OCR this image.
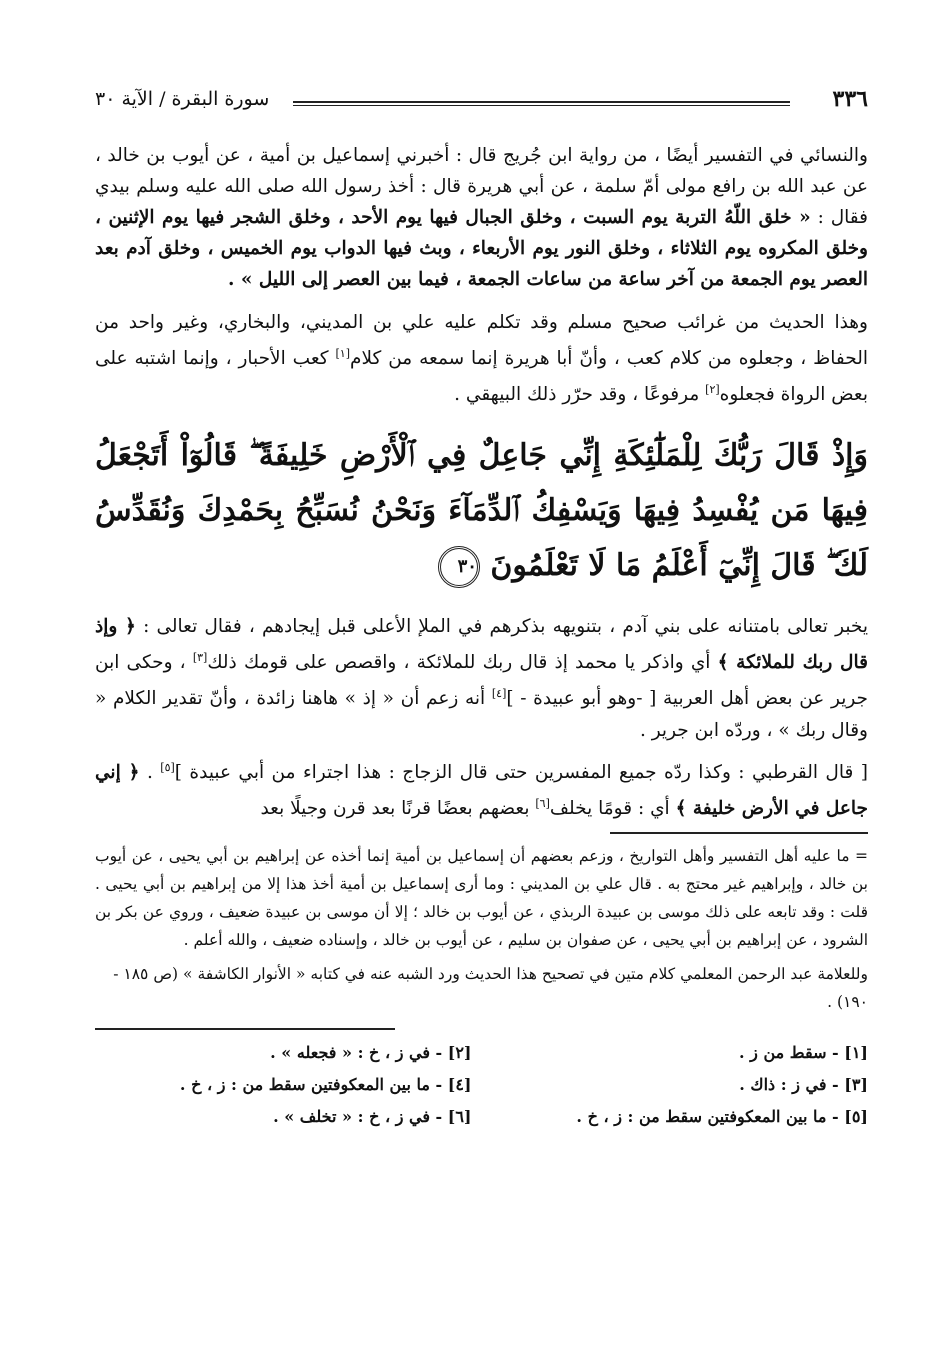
٣٣٦
سورة البقرة / الآية ٣٠

والنسائي في التفسير أيضًا ، من رواية ابن جُريج قال : أخبرني إسماعيل بن أمية ، عن أيوب بن خالد ، عن عبد الله بن رافع مولى أمّ سلمة ، عن أبي هريرة قال : أخذ رسول الله صلى الله عليه وسلم بيدي فقال : « خلق اللّهُ التربة يوم السبت ، وخلق الجبال فيها يوم الأحد ، وخلق الشجر فيها يوم الإثنين ، وخلق المكروه يوم الثلاثاء ، وخلق النور يوم الأربعاء ، وبث فيها الدواب يوم الخميس ، وخلق آدم بعد العصر يوم الجمعة من آخر ساعة من ساعات الجمعة ، فيما بين العصر إلى الليل » .

وهذا الحديث من غرائب صحيح مسلم وقد تكلم عليه علي بن المديني، والبخاري، وغير واحد من الحفاظ ، وجعلوه من كلام كعب ، وأنّ أبا هريرة إنما سمعه من كلام[١] كعب الأحبار ، وإنما اشتبه على بعض الرواة فجعلوه[٢] مرفوعًا ، وقد حرّر ذلك البيهقي .

وَإِذْ قَالَ رَبُّكَ لِلْمَلَٰٓئِكَةِ إِنِّي جَاعِلٌ فِي ٱلْأَرْضِ خَلِيفَةً ۖ قَالُوٓاْ أَتَجْعَلُ فِيهَا مَن يُفْسِدُ فِيهَا وَيَسْفِكُ ٱلدِّمَآءَ وَنَحْنُ نُسَبِّحُ بِحَمْدِكَ وَنُقَدِّسُ لَكَ ۖ قَالَ إِنِّيٓ أَعْلَمُ مَا لَا تَعْلَمُونَ ٣٠

يخبر تعالى بامتنانه على بني آدم ، بتنويهه بذكرهم في الملإ الأعلى قبل إيجادهم ، فقال تعالى : ﴿ وإذ قال ربك للملائكة ﴾ أي واذكر يا محمد إذ قال ربك للملائكة ، واقصص على قومك ذلك[٣] ، وحكى ابن جرير عن بعض أهل العربية [ -وهو أبو عبيدة - ][٤] أنه زعم أن « إذ » هاهنا زائدة ، وأنّ تقدير الكلام « وقال ربك » ، وردّه ابن جرير .

[ قال القرطبي : وكذا ردّه جميع المفسرين حتى قال الزجاج : هذا اجتراء من أبي عبيدة ][٥] . ﴿ إني جاعل في الأرض خليفة ﴾ أي : قومًا يخلف[٦] بعضهم بعضًا قرنًا بعد قرن وجيلًا بعد

= ما عليه أهل التفسير وأهل التواريخ ، وزعم بعضهم أن إسماعيل بن أمية إنما أخذه عن إبراهيم بن أبي يحيى ، عن أيوب بن خالد ، وإبراهيم غير محتج به . قال علي بن المديني : وما أرى إسماعيل بن أمية أخذ هذا إلا من إبراهيم بن أبي يحيى . قلت : وقد تابعه على ذلك موسى بن عبيدة الربذي ، عن أيوب بن خالد ؛ إلا أن موسى بن عبيدة ضعيف ، وروي عن بكر بن الشرود ، عن إبراهيم بن أبي يحيى ، عن صفوان بن سليم ، عن أيوب بن خالد ، وإسناده ضعيف ، والله أعلم .

وللعلامة عبد الرحمن المعلمي كلام متين في تصحيح هذا الحديث ورد الشبه عنه في كتابه « الأنوار الكاشفة » (ص ١٨٥ - ١٩٠) .

[١] - سقط من ز .
[٢] - في ز ، خ : « فجعله » .
[٣] - في ز : ذاك .
[٤] - ما بين المعكوفتين سقط من : ز ، خ .
[٥] - ما بين المعكوفتين سقط من : ز ، خ .
[٦] - في ز ، خ : « تخلف » .
